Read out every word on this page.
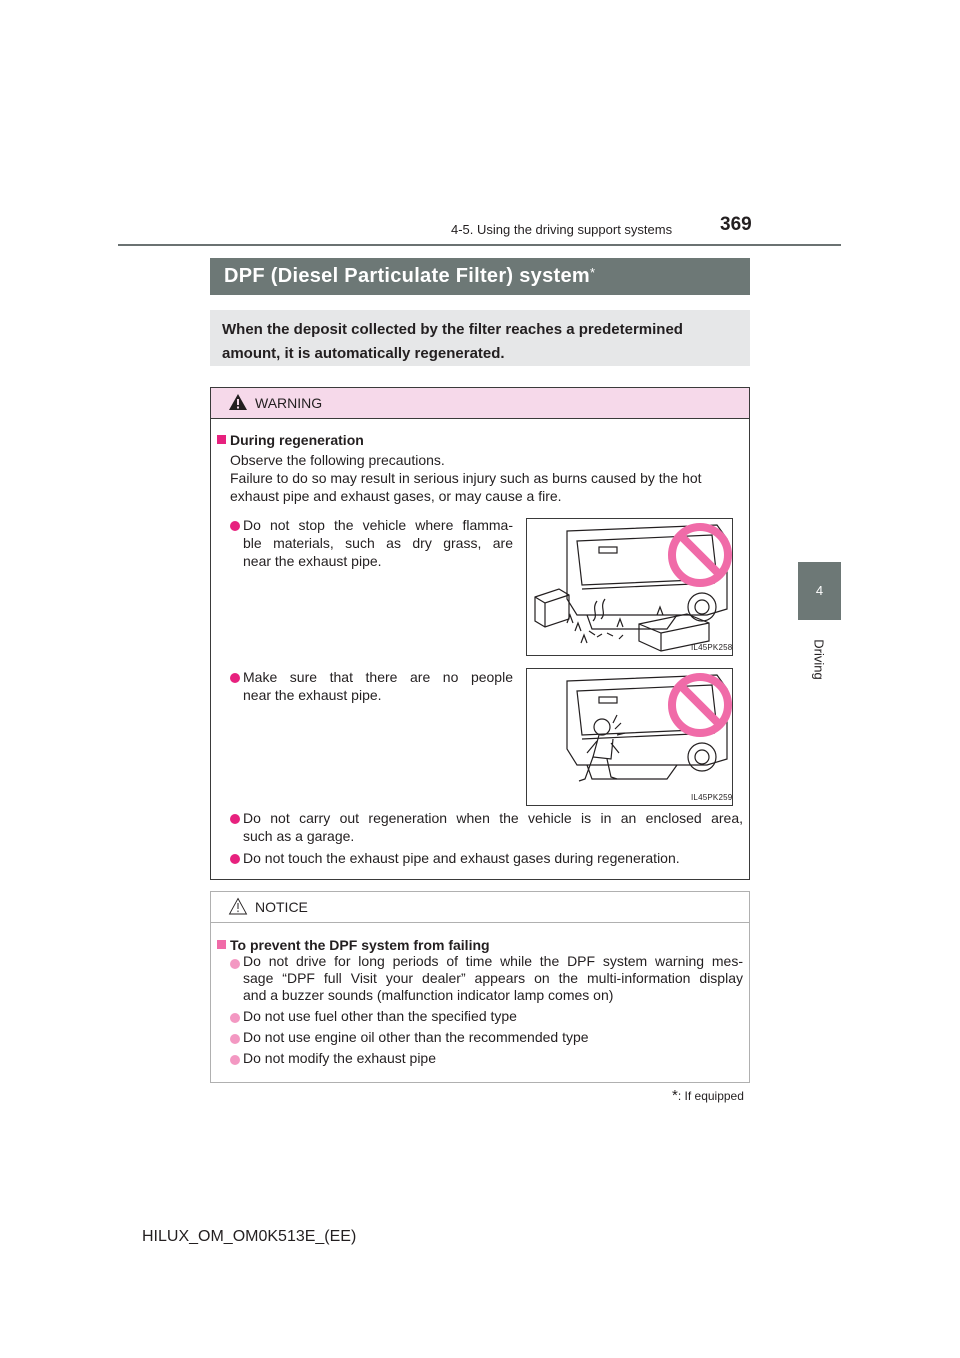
369
4-5. Using the driving support systems
4
Driving
DPF (Diesel Particulate Filter) system*
When the deposit collected by the filter reaches a predetermined
amount, it is automatically regenerated.
WARNING
During regeneration
Observe the following precautions.
Failure to do so may result in serious injury such as burns caused by the hot
exhaust pipe and exhaust gases, or may cause a fire.
Do not stop the vehicle where flamma-
ble materials, such as dry grass, are
near the exhaust pipe.
IL45PK258
Make sure that there are no people
near the exhaust pipe.
IL45PK259
Do not carry out regeneration when the vehicle is in an enclosed area,
such as a garage.
Do not touch the exhaust pipe and exhaust gases during regeneration.
NOTICE
To prevent the DPF system from failing
Do not drive for long periods of time while the DPF system warning mes-
sage “DPF full Visit your dealer” appears on the multi-information display
and a buzzer sounds (malfunction indicator lamp comes on)
Do not use fuel other than the specified type
Do not use engine oil other than the recommended type
Do not modify the exhaust pipe
*: If equipped
HILUX_OM_OM0K513E_(EE)
